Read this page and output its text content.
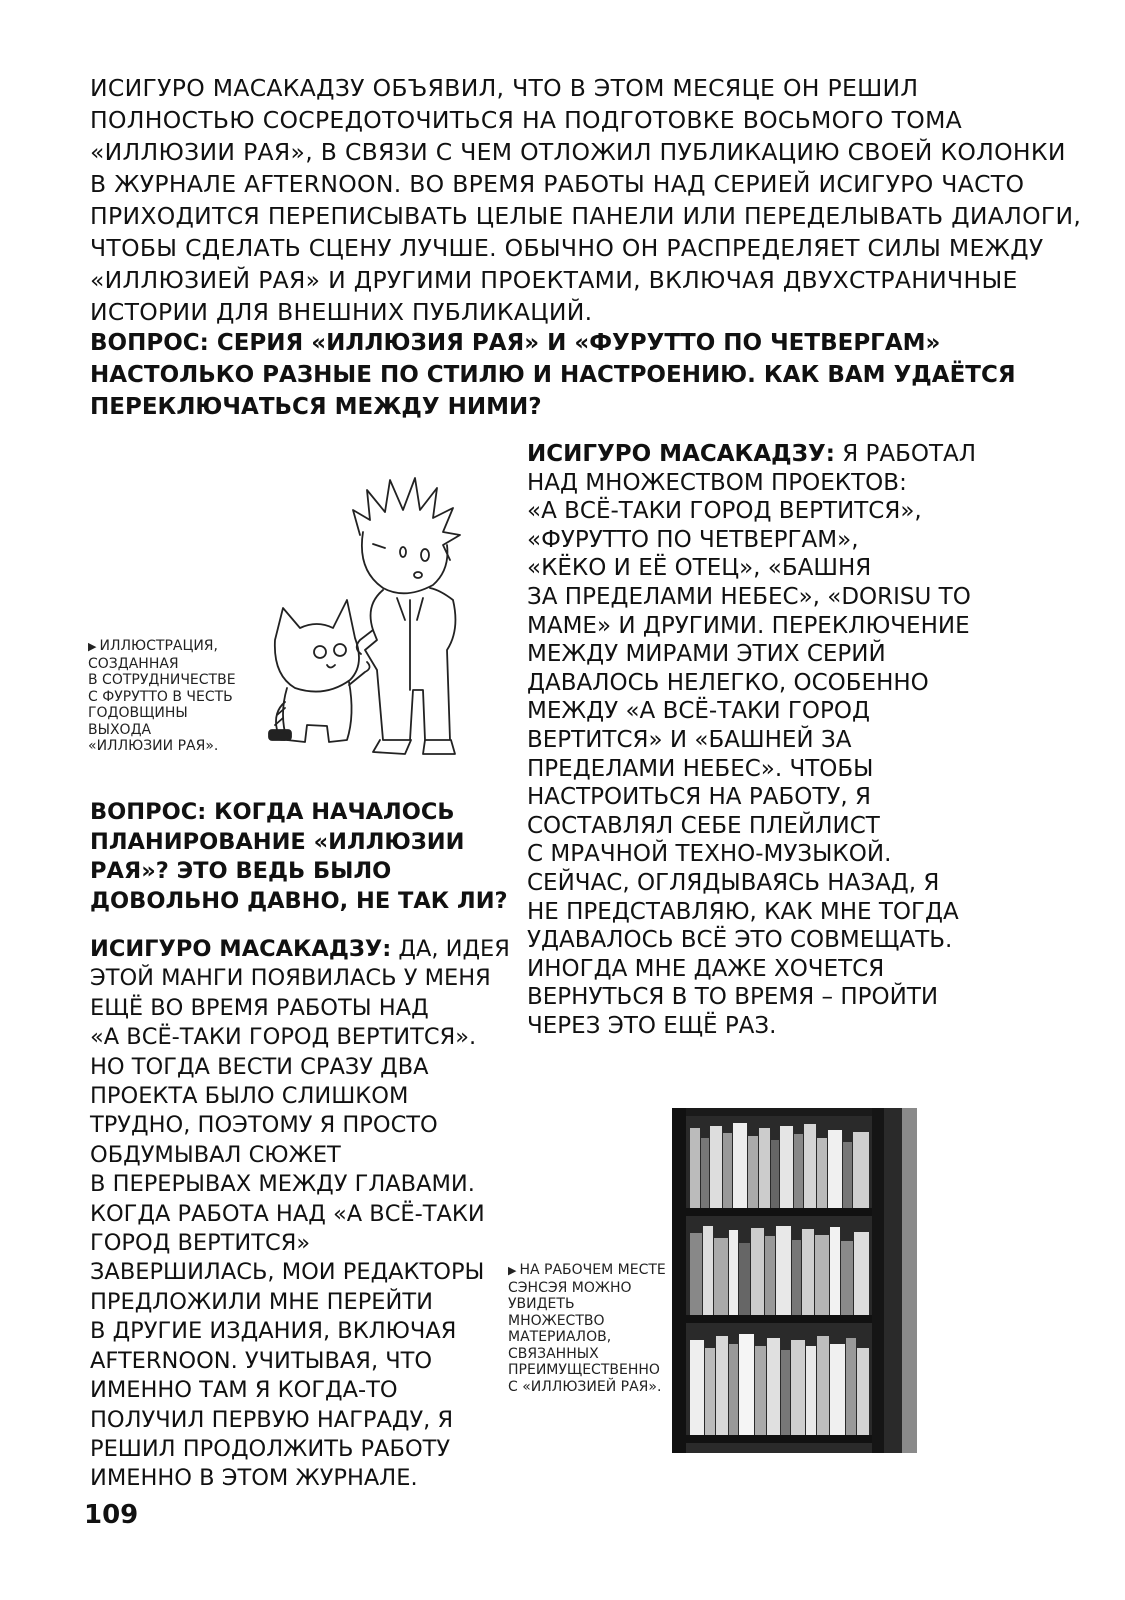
ИСИГУРО МАСАКАДЗУ ОБЪЯВИЛ, ЧТО В ЭТОМ МЕСЯЦЕ ОН РЕШИЛ
ПОЛНОСТЬЮ СОСРЕДОТОЧИТЬСЯ НА ПОДГОТОВКЕ ВОСЬМОГО ТОМА
«ИЛЛЮЗИИ РАЯ», В СВЯЗИ С ЧЕМ ОТЛОЖИЛ ПУБЛИКАЦИЮ СВОЕЙ КОЛОНКИ
В ЖУРНАЛЕ AFTERNOON. ВО ВРЕМЯ РАБОТЫ НАД СЕРИЕЙ ИСИГУРО ЧАСТО
ПРИХОДИТСЯ ПЕРЕПИСЫВАТЬ ЦЕЛЫЕ ПАНЕЛИ ИЛИ ПЕРЕДЕЛЫВАТЬ ДИАЛОГИ,
ЧТОБЫ СДЕЛАТЬ СЦЕНУ ЛУЧШЕ. ОБЫЧНО ОН РАСПРЕДЕЛЯЕТ СИЛЫ МЕЖДУ
«ИЛЛЮЗИЕЙ РАЯ» И ДРУГИМИ ПРОЕКТАМИ, ВКЛЮЧАЯ ДВУХСТРАНИЧНЫЕ
ИСТОРИИ ДЛЯ ВНЕШНИХ ПУБЛИКАЦИЙ.
ВОПРОС: СЕРИЯ «ИЛЛЮЗИЯ РАЯ» И «ФУРУТТО ПО ЧЕТВЕРГАМ»
НАСТОЛЬКО РАЗНЫЕ ПО СТИЛЮ И НАСТРОЕНИЮ. КАК ВАМ УДАЁТСЯ
ПЕРЕКЛЮЧАТЬСЯ МЕЖДУ НИМИ?
▶ ИЛЛЮСТРАЦИЯ,
СОЗДАННАЯ
В СОТРУДНИЧЕСТВЕ
С ФУРУТТО В ЧЕСТЬ
ГОДОВЩИНЫ
ВЫХОДА
«ИЛЛЮЗИИ РАЯ».
ИСИГУРО МАСАКАДЗУ: Я РАБОТАЛ
НАД МНОЖЕСТВОМ ПРОЕКТОВ:
«А ВСЁ-ТАКИ ГОРОД ВЕРТИТСЯ»,
«ФУРУТТО ПО ЧЕТВЕРГАМ»,
«КЁКО И ЕЁ ОТЕЦ», «БАШНЯ
ЗА ПРЕДЕЛАМИ НЕБЕС», «DORISU TO
MAME» И ДРУГИМИ. ПЕРЕКЛЮЧЕНИЕ
МЕЖДУ МИРАМИ ЭТИХ СЕРИЙ
ДАВАЛОСЬ НЕЛЕГКО, ОСОБЕННО
МЕЖДУ «А ВСЁ-ТАКИ ГОРОД
ВЕРТИТСЯ» И «БАШНЕЙ ЗА
ПРЕДЕЛАМИ НЕБЕС». ЧТОБЫ
НАСТРОИТЬСЯ НА РАБОТУ, Я
СОСТАВЛЯЛ СЕБЕ ПЛЕЙЛИСТ
С МРАЧНОЙ ТЕХНО-МУЗЫКОЙ.
СЕЙЧАС, ОГЛЯДЫВАЯСЬ НАЗАД, Я
НЕ ПРЕДСТАВЛЯЮ, КАК МНЕ ТОГДА
УДАВАЛОСЬ ВСЁ ЭТО СОВМЕЩАТЬ.
ИНОГДА МНЕ ДАЖЕ ХОЧЕТСЯ
ВЕРНУТЬСЯ В ТО ВРЕМЯ – ПРОЙТИ
ЧЕРЕЗ ЭТО ЕЩЁ РАЗ.
ВОПРОС: КОГДА НАЧАЛОСЬ
ПЛАНИРОВАНИЕ «ИЛЛЮЗИИ
РАЯ»? ЭТО ВЕДЬ БЫЛО
ДОВОЛЬНО ДАВНО, НЕ ТАК ЛИ?
ИСИГУРО МАСАКАДЗУ: ДА, ИДЕЯ
ЭТОЙ МАНГИ ПОЯВИЛАСЬ У МЕНЯ
ЕЩЁ ВО ВРЕМЯ РАБОТЫ НАД
«А ВСЁ-ТАКИ ГОРОД ВЕРТИТСЯ».
НО ТОГДА ВЕСТИ СРАЗУ ДВА
ПРОЕКТА БЫЛО СЛИШКОМ
ТРУДНО, ПОЭТОМУ Я ПРОСТО
ОБДУМЫВАЛ СЮЖЕТ
В ПЕРЕРЫВАХ МЕЖДУ ГЛАВАМИ.
КОГДА РАБОТА НАД «А ВСЁ-ТАКИ
ГОРОД ВЕРТИТСЯ»
ЗАВЕРШИЛАСЬ, МОИ РЕДАКТОРЫ
ПРЕДЛОЖИЛИ МНЕ ПЕРЕЙТИ
В ДРУГИЕ ИЗДАНИЯ, ВКЛЮЧАЯ
AFTERNOON. УЧИТЫВАЯ, ЧТО
ИМЕННО ТАМ Я КОГДА-ТО
ПОЛУЧИЛ ПЕРВУЮ НАГРАДУ, Я
РЕШИЛ ПРОДОЛЖИТЬ РАБОТУ
ИМЕННО В ЭТОМ ЖУРНАЛЕ.
▶ НА РАБОЧЕМ МЕСТЕ
СЭНСЭЯ МОЖНО
УВИДЕТЬ
МНОЖЕСТВО
МАТЕРИАЛОВ,
СВЯЗАННЫХ
ПРЕИМУЩЕСТВЕННО
С «ИЛЛЮЗИЕЙ РАЯ».
109
